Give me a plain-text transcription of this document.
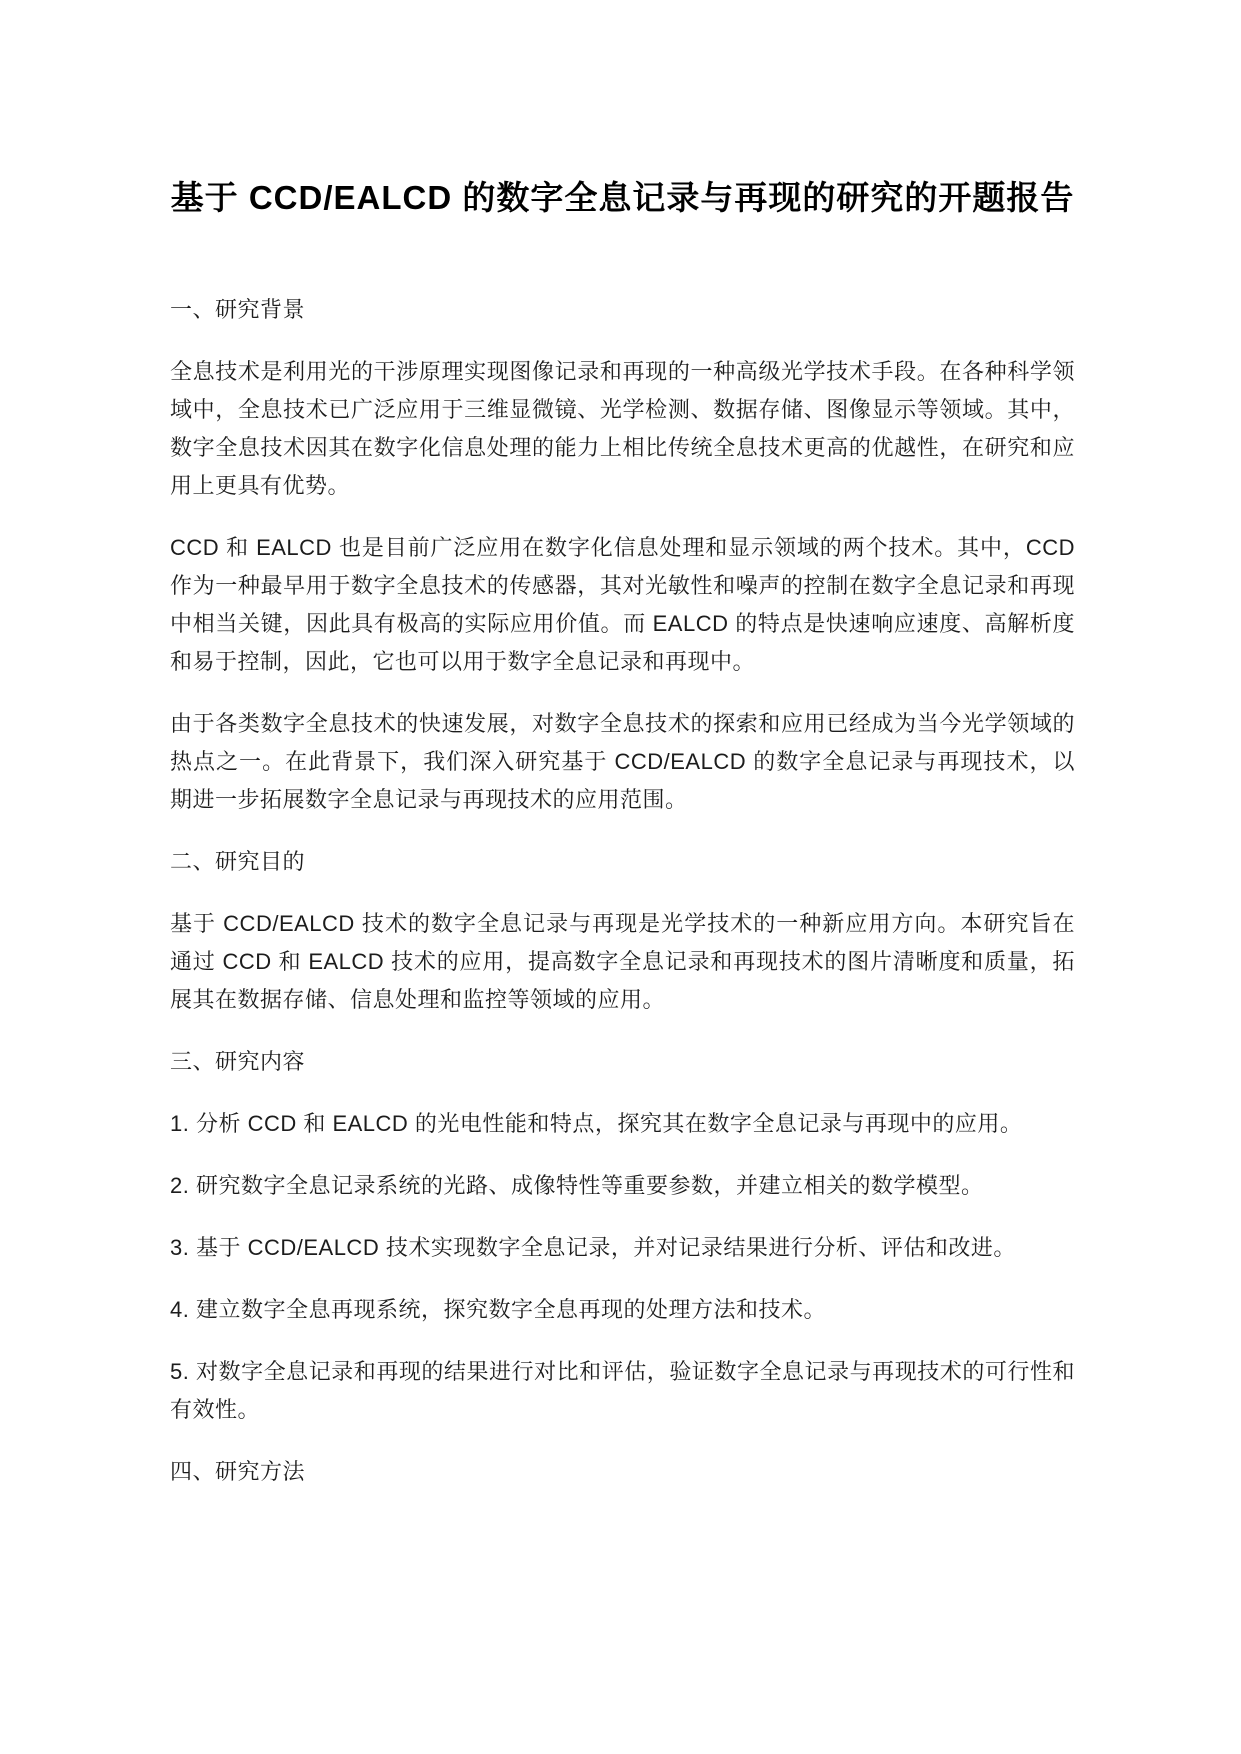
基于 CCD/EALCD 的数字全息记录与再现的研究的开题报告

一、研究背景

全息技术是利用光的干涉原理实现图像记录和再现的一种高级光学技术手段。在各种科学领域中，全息技术已广泛应用于三维显微镜、光学检测、数据存储、图像显示等领域。其中，数字全息技术因其在数字化信息处理的能力上相比传统全息技术更高的优越性，在研究和应用上更具有优势。

CCD 和 EALCD 也是目前广泛应用在数字化信息处理和显示领域的两个技术。其中，CCD 作为一种最早用于数字全息技术的传感器，其对光敏性和噪声的控制在数字全息记录和再现中相当关键，因此具有极高的实际应用价值。而 EALCD 的特点是快速响应速度、高解析度和易于控制，因此，它也可以用于数字全息记录和再现中。

由于各类数字全息技术的快速发展，对数字全息技术的探索和应用已经成为当今光学领域的热点之一。在此背景下，我们深入研究基于 CCD/EALCD 的数字全息记录与再现技术，以期进一步拓展数字全息记录与再现技术的应用范围。

二、研究目的

基于 CCD/EALCD 技术的数字全息记录与再现是光学技术的一种新应用方向。本研究旨在通过 CCD 和 EALCD 技术的应用，提高数字全息记录和再现技术的图片清晰度和质量，拓展其在数据存储、信息处理和监控等领域的应用。

三、研究内容

1. 分析 CCD 和 EALCD 的光电性能和特点，探究其在数字全息记录与再现中的应用。

2. 研究数字全息记录系统的光路、成像特性等重要参数，并建立相关的数学模型。

3. 基于 CCD/EALCD 技术实现数字全息记录，并对记录结果进行分析、评估和改进。

4. 建立数字全息再现系统，探究数字全息再现的处理方法和技术。

5. 对数字全息记录和再现的结果进行对比和评估，验证数字全息记录与再现技术的可行性和有效性。

四、研究方法
